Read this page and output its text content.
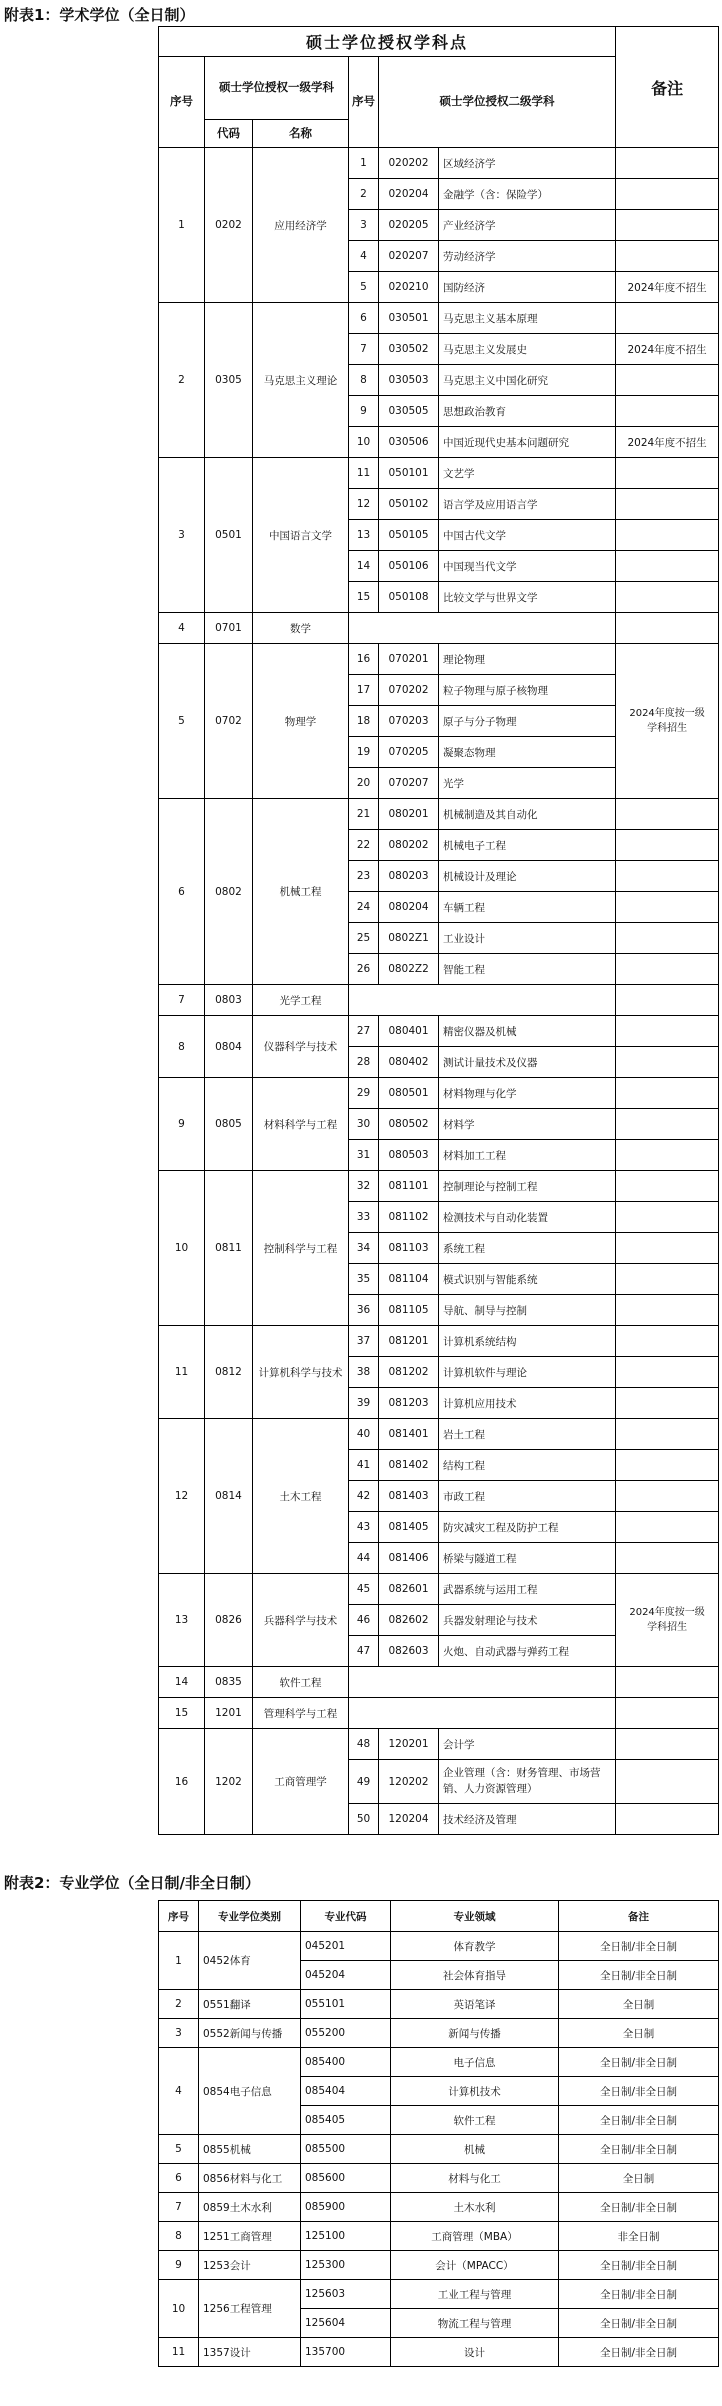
附表1：学术学位（全日制）
硕士学位授权学科点						备注
序号	硕士学位授权一级学科		序号	硕士学位授权二级学科		
	代码	名称				
1	0202	应用经济学	1	020202	区域经济学	
			2	020204	金融学（含：保险学）	
			3	020205	产业经济学	
			4	020207	劳动经济学	
			5	020210	国防经济	2024年度不招生
2	0305	马克思主义理论	6	030501	马克思主义基本原理	
			7	030502	马克思主义发展史	2024年度不招生
			8	030503	马克思主义中国化研究	
			9	030505	思想政治教育	
			10	030506	中国近现代史基本问题研究	2024年度不招生
3	0501	中国语言文学	11	050101	文艺学	
			12	050102	语言学及应用语言学	
			13	050105	中国古代文学	
			14	050106	中国现当代文学	
			15	050108	比较文学与世界文学	
4	0701	数学				
5	0702	物理学	16	070201	理论物理	2024年度按一级
学科招生

			17	070202	粒子物理与原子核物理	
			18	070203	原子与分子物理	
			19	070205	凝聚态物理	
			20	070207	光学	
6	0802	机械工程	21	080201	机械制造及其自动化	
			22	080202	机械电子工程	
			23	080203	机械设计及理论	
			24	080204	车辆工程	
			25	0802Z1	工业设计	
			26	0802Z2	智能工程	
7	0803	光学工程				
8	0804	仪器科学与技术	27	080401	精密仪器及机械	
			28	080402	测试计量技术及仪器	
9	0805	材料科学与工程	29	080501	材料物理与化学	
			30	080502	材料学	
			31	080503	材料加工工程	
10	0811	控制科学与工程	32	081101	控制理论与控制工程	
			33	081102	检测技术与自动化装置	
			34	081103	系统工程	
			35	081104	模式识别与智能系统	
			36	081105	导航、制导与控制	
11	0812	计算机科学与技术	37	081201	计算机系统结构	
			38	081202	计算机软件与理论	
			39	081203	计算机应用技术	
12	0814	土木工程	40	081401	岩土工程	
			41	081402	结构工程	
			42	081403	市政工程	
			43	081405	防灾减灾工程及防护工程	
			44	081406	桥梁与隧道工程	
13	0826	兵器科学与技术	45	082601	武器系统与运用工程	2024年度按一级
学科招生

			46	082602	兵器发射理论与技术	
			47	082603	火炮、自动武器与弹药工程	
14	0835	软件工程				
15	1201	管理科学与工程				
16	1202	工商管理学	48	120201	会计学	
			49	120202	企业管理（含：财务管理、市场营销、人力资源管理）	
			50	120204	技术经济及管理	
附表2：专业学位（全日制/非全日制）
序号	专业学位类别	专业代码	专业领域	备注
1	0452体育	045201	体育教学	全日制/非全日制
		045204	社会体育指导	全日制/非全日制
2	0551翻译	055101	英语笔译	全日制
3	0552新闻与传播	055200	新闻与传播	全日制
4	0854电子信息	085400	电子信息	全日制/非全日制
		085404	计算机技术	全日制/非全日制
		085405	软件工程	全日制/非全日制
5	0855机械	085500	机械	全日制/非全日制
6	0856材料与化工	085600	材料与化工	全日制
7	0859土木水利	085900	土木水利	全日制/非全日制
8	1251工商管理	125100	工商管理（MBA）	非全日制
9	1253会计	125300	会计（MPACC）	全日制/非全日制
10	1256工程管理	125603	工业工程与管理	全日制/非全日制
		125604	物流工程与管理	全日制/非全日制
11	1357设计	135700	设计	全日制/非全日制
